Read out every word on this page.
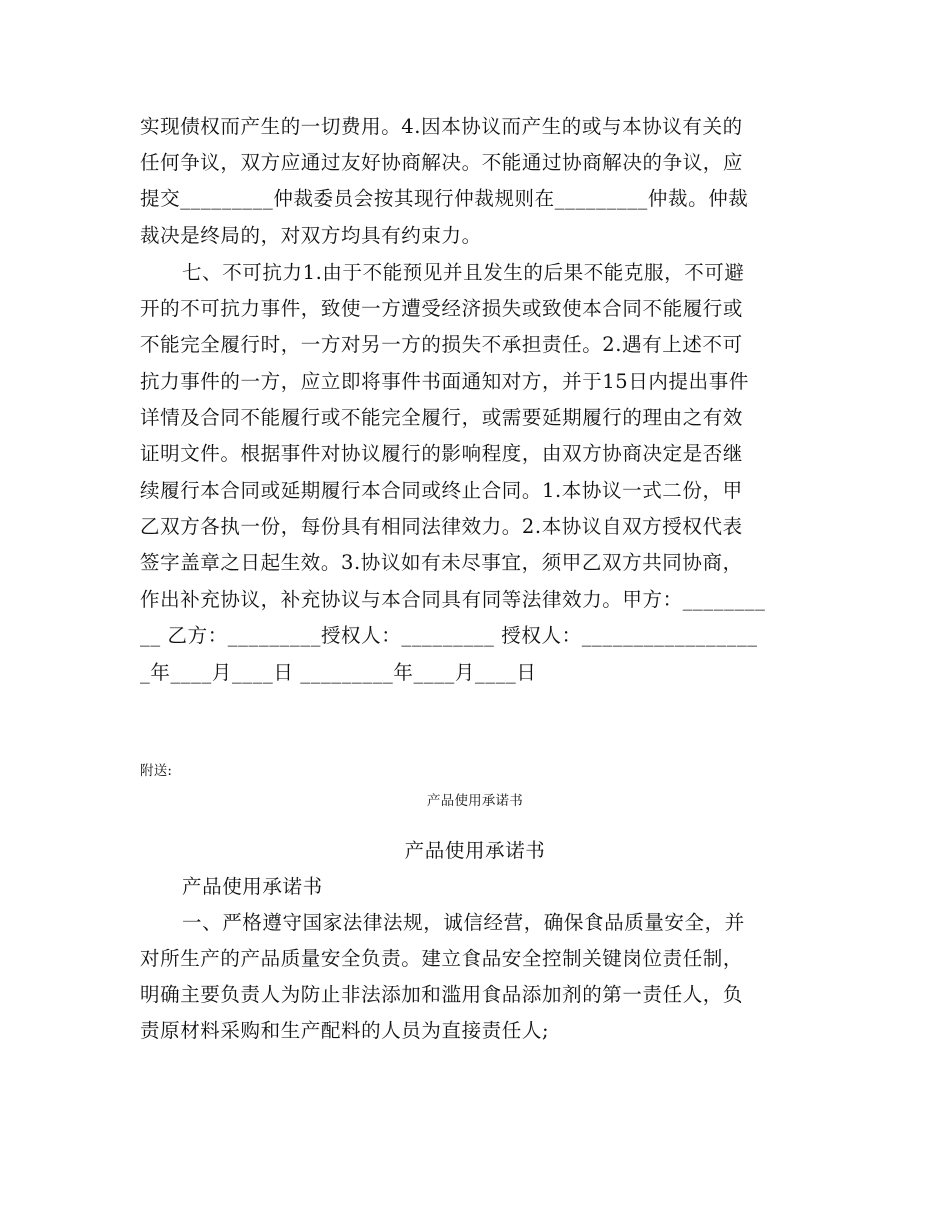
实现债权而产生的一切费用。4.因本协议而产生的或与本协议有关的
任何争议，双方应通过友好协商解决。不能通过协商解决的争议，应
提交_________仲裁委员会按其现行仲裁规则在_________仲裁。仲裁
裁决是终局的，对双方均具有约束力。
七、不可抗力1.由于不能预见并且发生的后果不能克服，不可避
开的不可抗力事件，致使一方遭受经济损失或致使本合同不能履行或
不能完全履行时，一方对另一方的损失不承担责任。2.遇有上述不可
抗力事件的一方，应立即将事件书面通知对方，并于15日内提出事件
详情及合同不能履行或不能完全履行，或需要延期履行的理由之有效
证明文件。根据事件对协议履行的影响程度，由双方协商决定是否继
续履行本合同或延期履行本合同或终止合同。1.本协议一式二份，甲
乙双方各执一份，每份具有相同法律效力。2.本协议自双方授权代表
签字盖章之日起生效。3.协议如有未尽事宜，须甲乙双方共同协商，
作出补充协议，补充协议与本合同具有同等法律效力。甲方：________
__ 乙方：_________授权人：_________ 授权人：_________________
_年____月____日 _________年____月____日
附送:
产品使用承诺书
产品使用承诺书
产品使用承诺书
一、严格遵守国家法律法规，诚信经营，确保食品质量安全，并
对所生产的产品质量安全负责。建立食品安全控制关键岗位责任制，
明确主要负责人为防止非法添加和滥用食品添加剂的第一责任人，负
责原材料采购和生产配料的人员为直接责任人;
